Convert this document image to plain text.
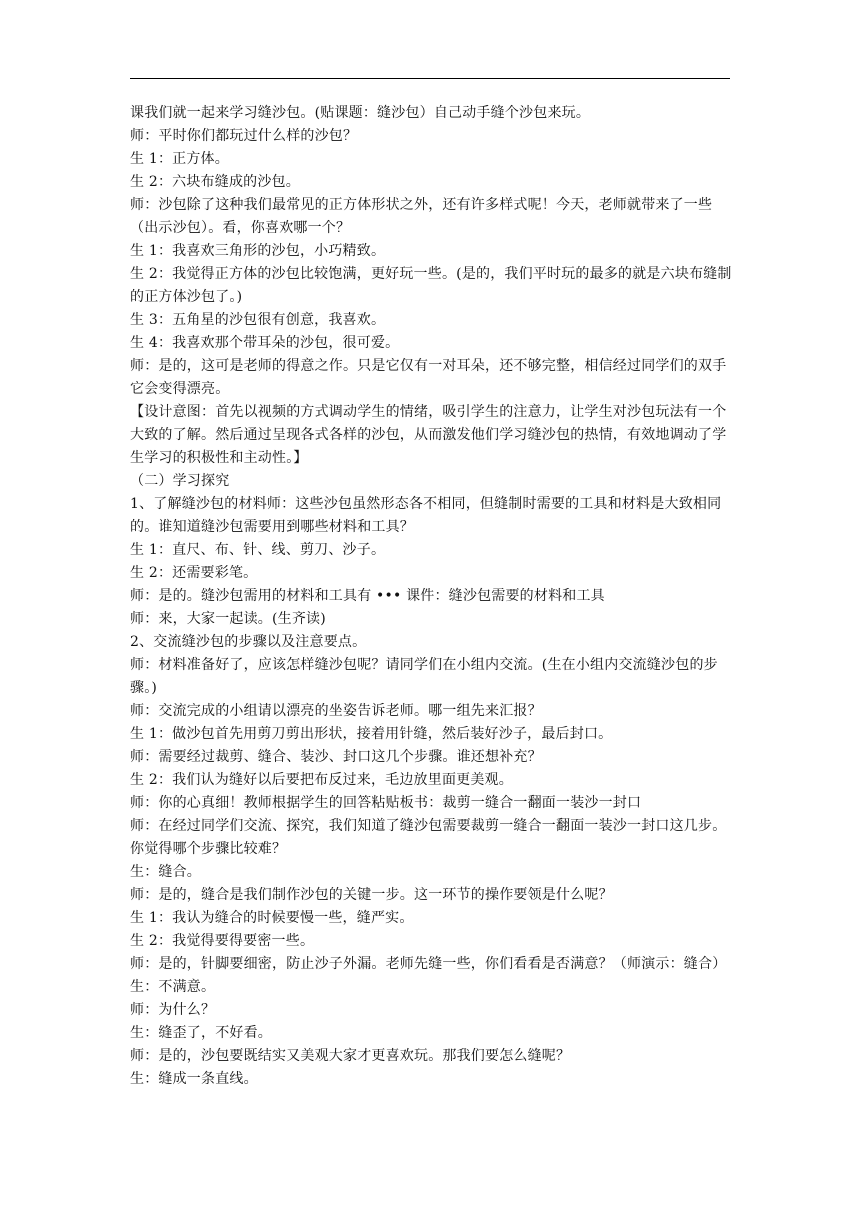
课我们就一起来学习缝沙包。(贴课题：缝沙包）自己动手缝个沙包来玩。

师：平时你们都玩过什么样的沙包？

生 1：正方体。

生 2：六块布缝成的沙包。

师：沙包除了这种我们最常见的正方体形状之外，还有许多样式呢！今天，老师就带来了一些（出示沙包）。看，你喜欢哪一个？

生 1：我喜欢三角形的沙包，小巧精致。

生 2：我觉得正方体的沙包比较饱满，更好玩一些。(是的，我们平时玩的最多的就是六块布缝制的正方体沙包了。)

生 3：五角星的沙包很有创意，我喜欢。

生 4：我喜欢那个带耳朵的沙包，很可爱。

师：是的，这可是老师的得意之作。只是它仅有一对耳朵，还不够完整，相信经过同学们的双手它会变得漂亮。

【设计意图：首先以视频的方式调动学生的情绪，吸引学生的注意力，让学生对沙包玩法有一个大致的了解。然后通过呈现各式各样的沙包，从而激发他们学习缝沙包的热情，有效地调动了学生学习的积极性和主动性。】

（二）学习探究

1、了解缝沙包的材料师：这些沙包虽然形态各不相同，但缝制时需要的工具和材料是大致相同的。谁知道缝沙包需要用到哪些材料和工具？

生 1：直尺、布、针、线、剪刀、沙子。

生 2：还需要彩笔。

师：是的。缝沙包需用的材料和工具有 ••• 课件：缝沙包需要的材料和工具

师：来，大家一起读。(生齐读)

2、交流缝沙包的步骤以及注意要点。

师：材料准备好了，应该怎样缝沙包呢？请同学们在小组内交流。(生在小组内交流缝沙包的步骤。)

师：交流完成的小组请以漂亮的坐姿告诉老师。哪一组先来汇报？

生 1：做沙包首先用剪刀剪出形状，接着用针缝，然后装好沙子，最后封口。

师：需要经过裁剪、缝合、装沙、封口这几个步骤。谁还想补充？

生 2：我们认为缝好以后要把布反过来，毛边放里面更美观。

师：你的心真细！教师根据学生的回答粘贴板书：裁剪一缝合一翻面一装沙一封口

师：在经过同学们交流、探究，我们知道了缝沙包需要裁剪一缝合一翻面一装沙一封口这几步。你觉得哪个步骤比较难？

生：缝合。

师：是的，缝合是我们制作沙包的关键一步。这一环节的操作要领是什么呢？

生 1：我认为缝合的时候要慢一些，缝严实。

生 2：我觉得要得要密一些。

师：是的，针脚要细密，防止沙子外漏。老师先缝一些，你们看看是否满意？（师演示：缝合）

生：不满意。

师：为什么？

生：缝歪了，不好看。

师：是的，沙包要既结实又美观大家才更喜欢玩。那我们要怎么缝呢？

生：缝成一条直线。
